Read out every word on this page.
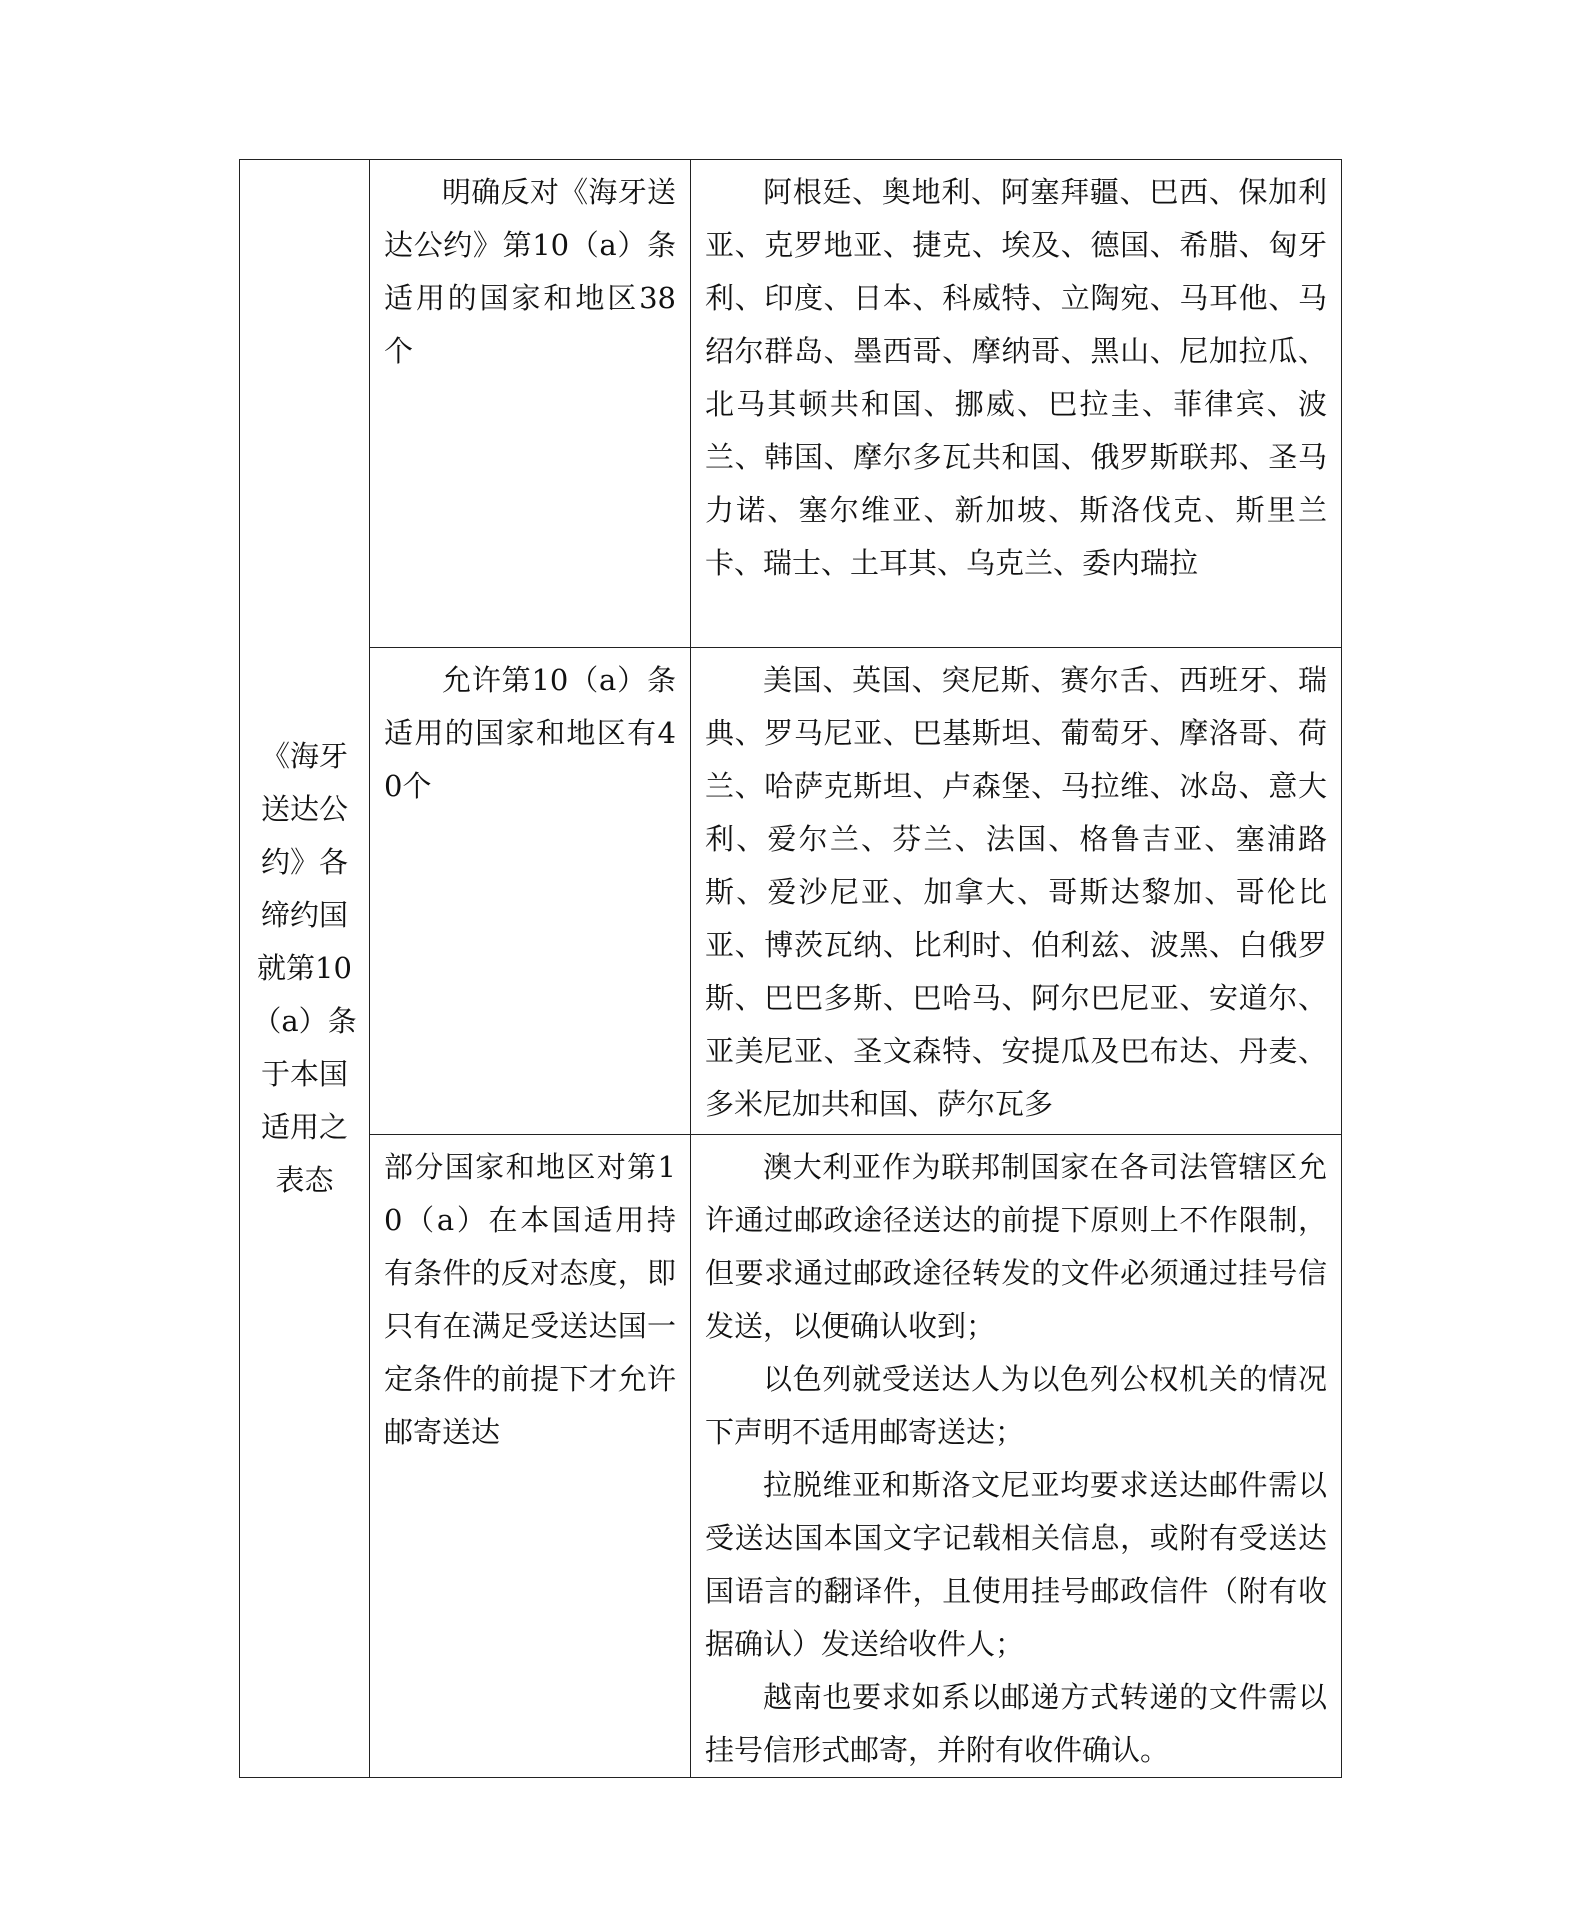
《海牙送达公约》各缔约国就第10（a）条于本国适用之表态	明确反对《海牙送达公约》第10（a）条适用的国家和地区38个	阿根廷、奥地利、阿塞拜疆、巴西、保加利亚、克罗地亚、捷克、埃及、德国、希腊、匈牙利、印度、日本、科威特、立陶宛、马耳他、马绍尔群岛、墨西哥、摩纳哥、黑山、尼加拉瓜、北马其顿共和国、挪威、巴拉圭、菲律宾、波兰、韩国、摩尔多瓦共和国、俄罗斯联邦、圣马力诺、塞尔维亚、新加坡、斯洛伐克、斯里兰卡、瑞士、土耳其、乌克兰、委内瑞拉

	允许第10（a）条适用的国家和地区有40个	美国、英国、突尼斯、赛尔舌、西班牙、瑞典、罗马尼亚、巴基斯坦、葡萄牙、摩洛哥、荷兰、哈萨克斯坦、卢森堡、马拉维、冰岛、意大利、爱尔兰、芬兰、法国、格鲁吉亚、塞浦路斯、爱沙尼亚、加拿大、哥斯达黎加、哥伦比亚、博茨瓦纳、比利时、伯利兹、波黑、白俄罗斯、巴巴多斯、巴哈马、阿尔巴尼亚、安道尔、亚美尼亚、圣文森特、安提瓜及巴布达、丹麦、多米尼加共和国、萨尔瓦多

	部分国家和地区对第10（a）在本国适用持有条件的反对态度，即只有在满足受送达国一定条件的前提下才允许邮寄送达	澳大利亚作为联邦制国家在各司法管辖区允许通过邮政途径送达的前提下原则上不作限制，但要求通过邮政途径转发的文件必须通过挂号信发送，以便确认收到；

以色列就受送达人为以色列公权机关的情况下声明不适用邮寄送达；

拉脱维亚和斯洛文尼亚均要求送达邮件需以受送达国本国文字记载相关信息，或附有受送达国语言的翻译件，且使用挂号邮政信件（附有收据确认）发送给收件人；

越南也要求如系以邮递方式转递的文件需以挂号信形式邮寄，并附有收件确认。
